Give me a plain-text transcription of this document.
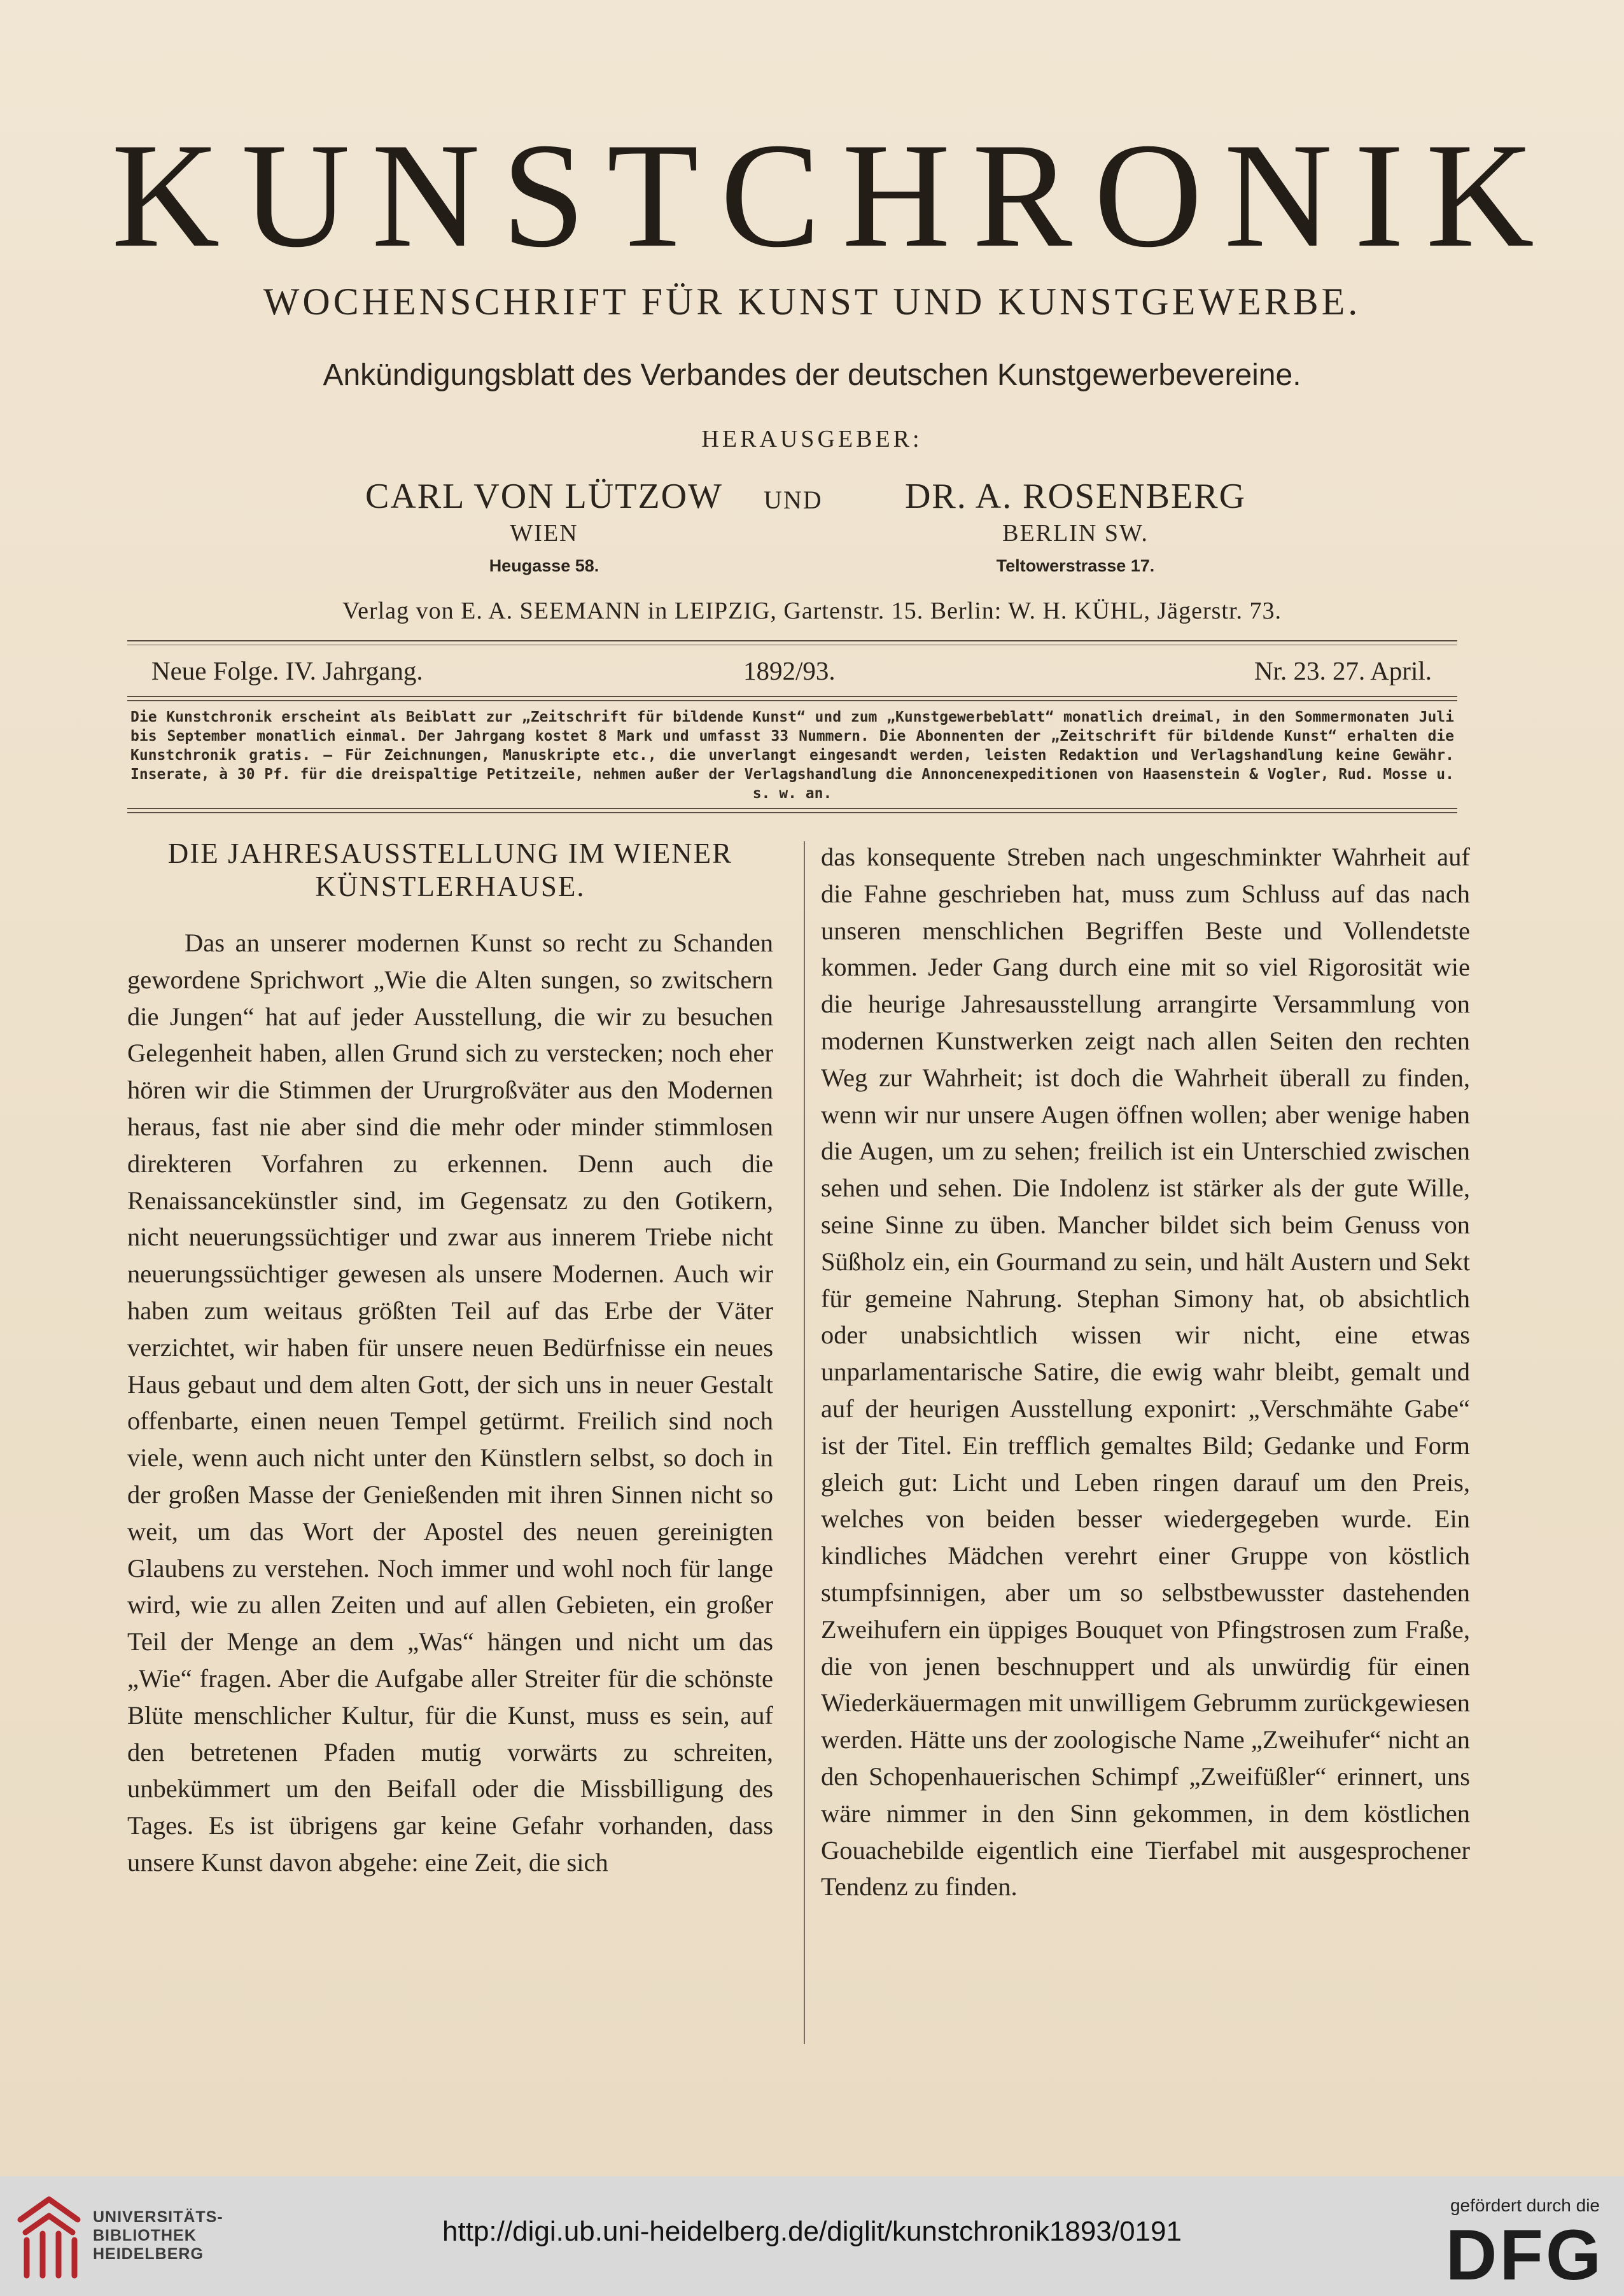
KUNSTCHRONIK
WOCHENSCHRIFT FÜR KUNST UND KUNSTGEWERBE.
Ankündigungsblatt des Verbandes der deutschen Kunstgewerbevereine.
HERAUSGEBER:
CARL VON LÜTZOW
WIEN
Heugasse 58.
UND DR. A. ROSENBERG
BERLIN SW.
Teltowerstrasse 17.
Verlag von E. A. SEEMANN in LEIPZIG, Gartenstr. 15. Berlin: W. H. KÜHL, Jägerstr. 73.
Neue Folge. IV. Jahrgang.	1892/93.	Nr. 23. 27. April.
Die Kunstchronik erscheint als Beiblatt zur „Zeitschrift für bildende Kunst“ und zum „Kunstgewerbeblatt“ monatlich dreimal, in den Sommermonaten Juli bis September monatlich einmal. Der Jahrgang kostet 8 Mark und umfasst 33 Nummern. Die Abonnenten der „Zeitschrift für bildende Kunst“ erhalten die Kunstchronik gratis. — Für Zeichnungen, Manuskripte etc., die unverlangt eingesandt werden, leisten Redaktion und Verlagshandlung keine Gewähr. Inserate, à 30 Pf. für die dreispaltige Petitzeile, nehmen außer der Verlagshandlung die Annoncenexpeditionen von Haasenstein & Vogler, Rud. Mosse u. s. w. an.
DIE JAHRESAUSSTELLUNG IM WIENER KÜNSTLERHAUSE.

Das an unserer modernen Kunst so recht zu Schanden gewordene Sprichwort „Wie die Alten sungen, so zwitschern die Jungen“ hat auf jeder Ausstellung, die wir zu besuchen Gelegenheit haben, allen Grund sich zu verstecken; noch eher hören wir die Stimmen der Ururgroßväter aus den Modernen heraus, fast nie aber sind die mehr oder minder stimmlosen direkteren Vorfahren zu erkennen. Denn auch die Renaissancekünstler sind, im Gegensatz zu den Gotikern, nicht neuerungssüchtiger und zwar aus innerem Triebe nicht neuerungssüchtiger gewesen als unsere Modernen. Auch wir haben zum weitaus größten Teil auf das Erbe der Väter verzichtet, wir haben für unsere neuen Bedürfnisse ein neues Haus gebaut und dem alten Gott, der sich uns in neuer Gestalt offenbarte, einen neuen Tempel getürmt. Freilich sind noch viele, wenn auch nicht unter den Künstlern selbst, so doch in der großen Masse der Genießenden mit ihren Sinnen nicht so weit, um das Wort der Apostel des neuen gereinigten Glaubens zu verstehen. Noch immer und wohl noch für lange wird, wie zu allen Zeiten und auf allen Gebieten, ein großer Teil der Menge an dem „Was“ hängen und nicht um das „Wie“ fragen. Aber die Aufgabe aller Streiter für die schönste Blüte menschlicher Kultur, für die Kunst, muss es sein, auf den betretenen Pfaden mutig vorwärts zu schreiten, unbekümmert um den Beifall oder die Missbilligung des Tages. Es ist übrigens gar keine Gefahr vorhanden, dass unsere Kunst davon abgehe: eine Zeit, die sich

das konsequente Streben nach ungeschminkter Wahrheit auf die Fahne geschrieben hat, muss zum Schluss auf das nach unseren menschlichen Begriffen Beste und Vollendetste kommen. Jeder Gang durch eine mit so viel Rigorosität wie die heurige Jahresausstellung arrangirte Versammlung von modernen Kunstwerken zeigt nach allen Seiten den rechten Weg zur Wahrheit; ist doch die Wahrheit überall zu finden, wenn wir nur unsere Augen öffnen wollen; aber wenige haben die Augen, um zu sehen; freilich ist ein Unterschied zwischen sehen und sehen. Die Indolenz ist stärker als der gute Wille, seine Sinne zu üben. Mancher bildet sich beim Genuss von Süßholz ein, ein Gourmand zu sein, und hält Austern und Sekt für gemeine Nahrung. Stephan Simony hat, ob absichtlich oder unabsichtlich wissen wir nicht, eine etwas unparlamentarische Satire, die ewig wahr bleibt, gemalt und auf der heurigen Ausstellung exponirt: „Verschmähte Gabe“ ist der Titel. Ein trefflich gemaltes Bild; Gedanke und Form gleich gut: Licht und Leben ringen darauf um den Preis, welches von beiden besser wiedergegeben wurde. Ein kindliches Mädchen verehrt einer Gruppe von köstlich stumpfsinnigen, aber um so selbstbewusster dastehenden Zweihufern ein üppiges Bouquet von Pfingstrosen zum Fraße, die von jenen beschnuppert und als unwürdig für einen Wiederkäuermagen mit unwilligem Gebrumm zurückgewiesen werden. Hätte uns der zoologische Name „Zweihufer“ nicht an den Schopenhauerischen Schimpf „Zweifüßler“ erinnert, uns wäre nimmer in den Sinn gekommen, in dem köstlichen Gouachebilde eigentlich eine Tierfabel mit ausgesprochener Tendenz zu finden.

UNIVERSITÄTS-
BIBLIOTHEK
HEIDELBERG
http://digi.ub.uni-heidelberg.de/diglit/kunstchronik1893/0191
gefördert durch die
DFG
